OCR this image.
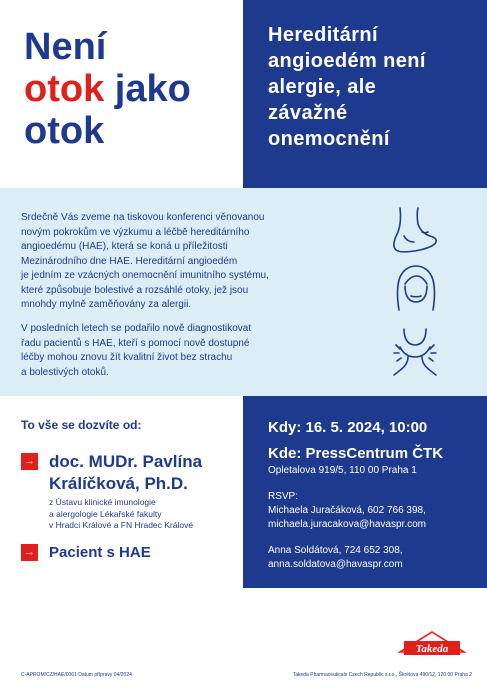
Není
otok jako
otok
Hereditární
angioedém není
alergie, ale
závažné
onemocnění
Srdečně Vás zveme na tiskovou konferenci věnovanou
novým pokrokům ve výzkumu a léčbě hereditárního
angioedému (HAE), která se koná u příležitosti
Mezinárodního dne HAE. Hereditární angioedém
je jedním ze vzácných onemocnění imunitního systému,
které způsobuje bolestivé a rozsáhlé otoky, jež jsou
mnohdy mylně zaměňovány za alergii.
V posledních letech se podařilo nově diagnostikovat
řadu pacientů s HAE, kteří s pomocí nově dostupné
léčby mohou znovu žít kvalitní život bez strachu
a bolestivých otoků.
To vše se dozvíte od:
→ doc. MUDr. Pavlína
Králíčková, Ph.D.
z Ústavu klinické imunologie
a alergologie Lékařské fakulty
v Hradci Králové a FN Hradec Králové
→ Pacient s HAE
Kdy: 16. 5. 2024, 10:00
Kde: PressCentrum ČTK
Opletalova 919/5, 110 00 Praha 1
RSVP:
Michaela Juračáková, 602 766 398,
michaela.juracakova@havaspr.com
Anna Soldátová, 724 652 308,
anna.soldatova@havaspr.com
Takeda
C-APROM/CZ/HAE/0061 Datum přípravy 04/2024	Takeda Pharmaceuticals Czech Republic s.r.o., Škrétova 490/12, 120 00 Praha 2
